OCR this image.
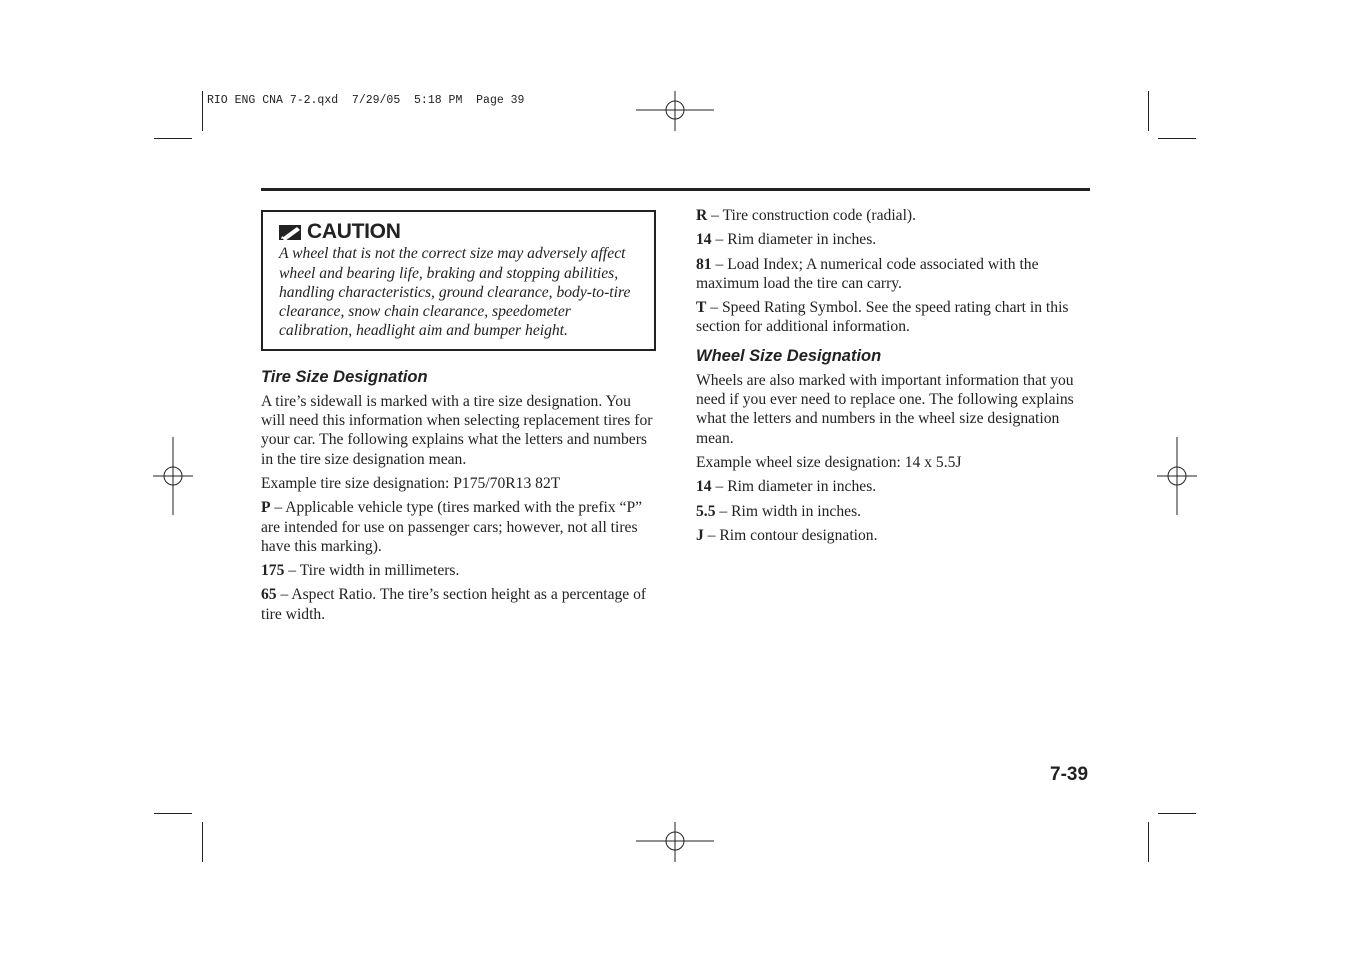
RIO ENG CNA 7-2.qxd  7/29/05  5:18 PM  Page 39
CAUTION

A wheel that is not the correct size may adversely affect wheel and bearing life, braking and stopping abilities, handling characteristics, ground clearance, body-to-tire clearance, snow chain clearance, speedometer calibration, headlight aim and bumper height.

Tire Size Designation

A tire’s sidewall is marked with a tire size designation. You will need this information when selecting replacement tires for your car. The following explains what the letters and numbers in the tire size designation mean.

Example tire size designation: P175/70R13 82T

P – Applicable vehicle type (tires marked with the prefix “P” are intended for use on passenger cars; however, not all tires have this marking).

175 – Tire width in millimeters.

65 – Aspect Ratio. The tire’s section height as a percentage of tire width.

R – Tire construction code (radial).

14 – Rim diameter in inches.

81 – Load Index; A numerical code associated with the maximum load the tire can carry.

T – Speed Rating Symbol. See the speed rating chart in this section for additional information.

Wheel Size Designation

Wheels are also marked with important information that you need if you ever need to replace one. The following explains what the letters and numbers in the wheel size designation mean.

Example wheel size designation: 14 x 5.5J

14 – Rim diameter in inches.

5.5 – Rim width in inches.

J – Rim contour designation.

7-39
